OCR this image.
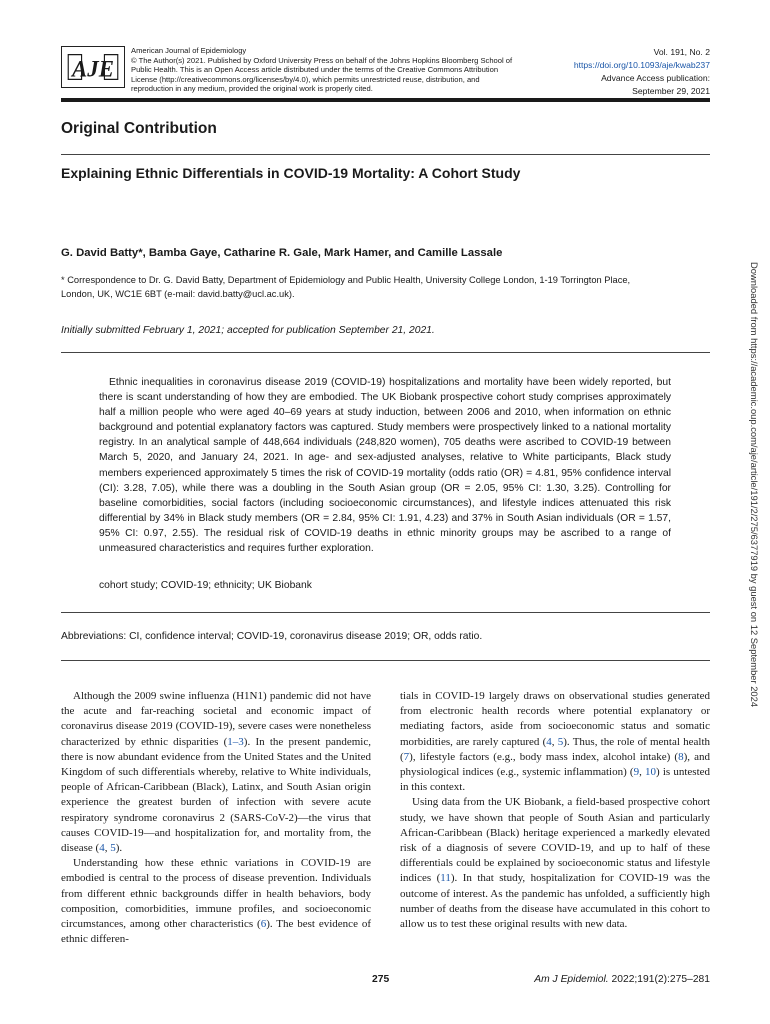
AJE
American Journal of Epidemiology
© The Author(s) 2021. Published by Oxford University Press on behalf of the Johns Hopkins Bloomberg School of
Public Health. This is an Open Access article distributed under the terms of the Creative Commons Attribution
License (http://creativecommons.org/licenses/by/4.0), which permits unrestricted reuse, distribution, and
reproduction in any medium, provided the original work is properly cited.
Vol. 191, No. 2
https://doi.org/10.1093/aje/kwab237
Advance Access publication:
September 29, 2021
Original Contribution
Explaining Ethnic Differentials in COVID-19 Mortality: A Cohort Study
G. David Batty*, Bamba Gaye, Catharine R. Gale, Mark Hamer, and Camille Lassale
* Correspondence to Dr. G. David Batty, Department of Epidemiology and Public Health, University College London, 1-19 Torrington Place, London, UK, WC1E 6BT (e-mail: david.batty@ucl.ac.uk).
Initially submitted February 1, 2021; accepted for publication September 21, 2021.

Ethnic inequalities in coronavirus disease 2019 (COVID-19) hospitalizations and mortality have been widely reported, but there is scant understanding of how they are embodied. The UK Biobank prospective cohort study comprises approximately half a million people who were aged 40–69 years at study induction, between 2006 and 2010, when information on ethnic background and potential explanatory factors was captured. Study members were prospectively linked to a national mortality registry. In an analytical sample of 448,664 individuals (248,820 women), 705 deaths were ascribed to COVID-19 between March 5, 2020, and January 24, 2021. In age- and sex-adjusted analyses, relative to White participants, Black study members experienced approximately 5 times the risk of COVID-19 mortality (odds ratio (OR) = 4.81, 95% confidence interval (CI): 3.28, 7.05), while there was a doubling in the South Asian group (OR = 2.05, 95% CI: 1.30, 3.25). Controlling for baseline comorbidities, social factors (including socioeconomic circumstances), and lifestyle indices attenuated this risk differential by 34% in Black study members (OR = 2.84, 95% CI: 1.91, 4.23) and 37% in South Asian individuals (OR = 1.57, 95% CI: 0.97, 2.55). The residual risk of COVID-19 deaths in ethnic minority groups may be ascribed to a range of unmeasured characteristics and requires further exploration.

cohort study; COVID-19; ethnicity; UK Biobank
Abbreviations: CI, confidence interval; COVID-19, coronavirus disease 2019; OR, odds ratio.

Although the 2009 swine influenza (H1N1) pandemic did not have the acute and far-reaching societal and economic impact of coronavirus disease 2019 (COVID-19), severe cases were nonetheless characterized by ethnic disparities (1–3). In the present pandemic, there is now abundant evidence from the United States and the United Kingdom of such differentials whereby, relative to White individuals, people of African-Caribbean (Black), Latinx, and South Asian origin experience the greatest burden of infection with severe acute respiratory syndrome coronavirus 2 (SARS-CoV-2)—the virus that causes COVID-19—and hospitalization for, and mortality from, the disease (4, 5).

Understanding how these ethnic variations in COVID-19 are embodied is central to the process of disease prevention. Individuals from different ethnic backgrounds differ in health behaviors, body composition, comorbidities, immune profiles, and socioeconomic circumstances, among other characteristics (6). The best evidence of ethnic differen-

tials in COVID-19 largely draws on observational studies generated from electronic health records where potential explanatory or mediating factors, aside from socioeconomic status and somatic morbidities, are rarely captured (4, 5). Thus, the role of mental health (7), lifestyle factors (e.g., body mass index, alcohol intake) (8), and physiological indices (e.g., systemic inflammation) (9, 10) is untested in this context.

Using data from the UK Biobank, a field-based prospective cohort study, we have shown that people of South Asian and particularly African-Caribbean (Black) heritage experienced a markedly elevated risk of a diagnosis of severe COVID-19, and up to half of these differentials could be explained by socioeconomic status and lifestyle indices (11). In that study, hospitalization for COVID-19 was the outcome of interest. As the pandemic has unfolded, a sufficiently high number of deaths from the disease have accumulated in this cohort to allow us to test these original results with new data.

275	Am J Epidemiol. 2022;191(2):275–281
Downloaded from https://academic.oup.com/aje/article/191/2/275/6377919 by guest on 12 September 2024
